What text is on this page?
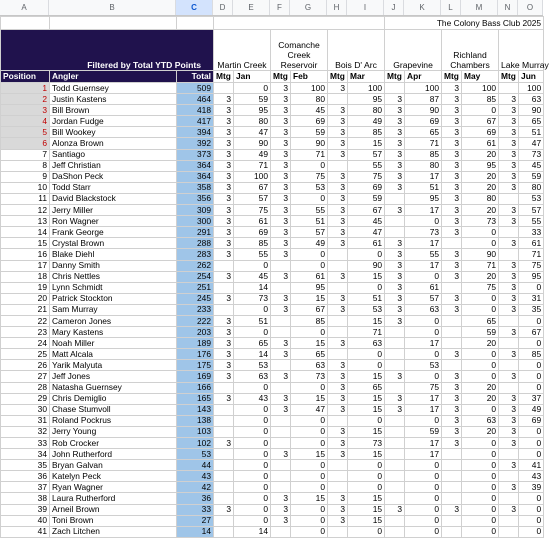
A	B	C	D	E	F	G	H	I	J	K	L	M	N	O
									The Colony Bass Club 2025					
Filtered by Total YTD Points			Martin Creek		Comanche Creek Reservoir		Bois D' Arc		Grapevine		Richland Chambers		Lake Murray	
Position	Angler	Total	Mtg	Jan	Mtg	Feb	Mtg	Mar	Mtg	Apr	Mtg	May	Mtg	Jun
1	Todd Guernsey	509		0	3	100	3	100		100	3	100		100
2	Justin Kastens	464	3	59	3	80		95	3	87	3	85	3	63
3	Bill Brown	418	3	95	3	45	3	80	3	90	3	0	3	90
4	Jordan Fudge	417	3	80	3	69	3	49	3	69	3	67	3	65
5	Bill Wookey	394	3	47	3	59	3	85	3	65	3	69	3	51
6	Alonza Brown	392	3	90	3	90	3	15	3	71	3	61	3	47
7	Santiago	373	3	49	3	71	3	57	3	85	3	20	3	73
8	Jeff Christian	364	3	71	3	0		55	3	80	3	95	3	45
9	DaShon Peck	364	3	100	3	75	3	75	3	17	3	20	3	59
10	Todd Starr	358	3	67	3	53	3	69	3	51	3	20	3	80
11	David Blackstock	356	3	57	3	0	3	59		95	3	80		53
12	Jerry Miller	309	3	75	3	55	3	67	3	17	3	20	3	57
13	Ron Wagner	300	3	61	3	51	3	45		0	3	73	3	55
14	Frank George	291	3	69	3	57	3	47		73	3	0		33
15	Crystal Brown	288	3	85	3	49	3	61	3	17		0	3	61
16	Blake Diehl	283	3	55	3	0		0	3	55	3	90		71
17	Danny Smith	262		0		0		90	3	17	3	71	3	75
18	Chris Nettles	254	3	45	3	61	3	15	3	0	3	20	3	95
19	Lynn Schmidt	251		14		95		0	3	61		75	3	0
20	Patrick Stockton	245	3	73	3	15	3	51	3	57	3	0	3	31
21	Sam Murray	233		0	3	67	3	53	3	63	3	0	3	35
22	Cameron Jones	222	3	51		85		15	3	0		65		0
23	Mary Kastens	203	3	0		0		71		0		59	3	67
24	Noah Miller	189	3	65	3	15	3	63		17		20		0
25	Matt Alcala	176	3	14	3	65		0		0	3	0	3	85
26	Yarik Malyuta	175	3	53		63	3	0		53		0		0
27	Jeff Jones	169	3	63	3	73	3	15	3	0	3	0	3	0
28	Natasha Guernsey	166		0		0	3	65		75	3	20		0
29	Chris Demiglio	165	3	43	3	15	3	15	3	17	3	20	3	37
30	Chase Stumvoll	143		0	3	47	3	15	3	17	3	0	3	49
31	Roland Pockrus	138		0		0		0		0	3	63	3	69
32	Jerry Young	103		0		0	3	15		59	3	20	3	0
33	Rob Crocker	102	3	0		0	3	73		17	3	0	3	0
34	John Rutherford	53		0	3	15	3	15		17		0		0
35	Bryan Galvan	44		0		0		0		0		0	3	41
36	Katelyn Peck	43		0		0		0		0		0		43
37	Ryan Wagner	42		0		0		0		0		0	3	39
38	Laura Rutherford	36		0	3	15	3	15		0		0		0
39	Arneil Brown	33	3	0	3	0	3	15	3	0	3	0	3	0
40	Toni Brown	27		0	3	0	3	15		0		0		0
41	Zach Litchen	14		14		0		0		0		0		0
